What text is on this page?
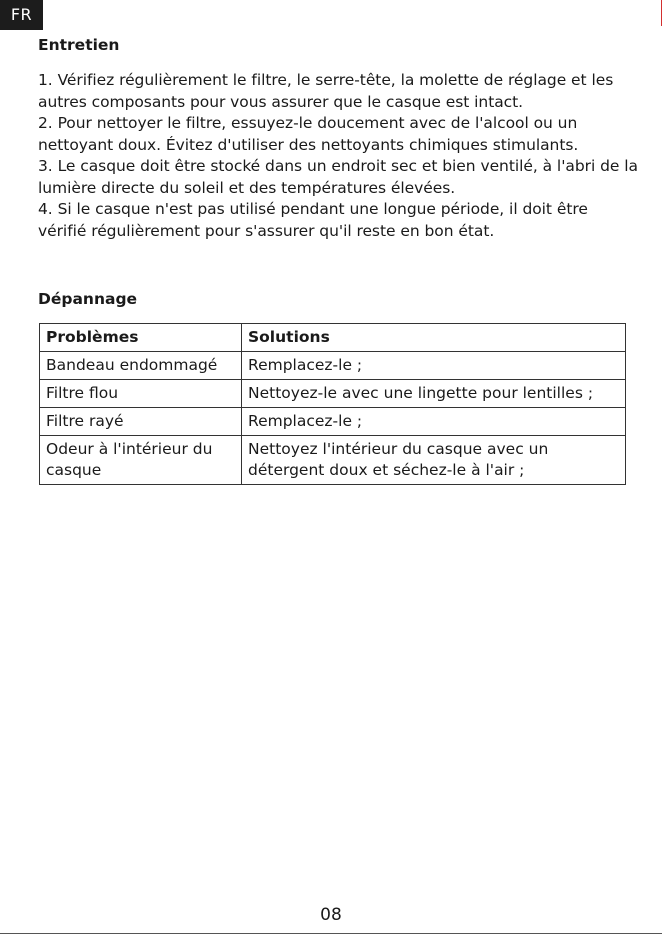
FR
Entretien

1. Vérifiez régulièrement le filtre, le serre-tête, la molette de réglage et les autres composants pour vous assurer que le casque est intact.

2. Pour nettoyer le filtre, essuyez-le doucement avec de l'alcool ou un nettoyant doux. Évitez d'utiliser des nettoyants chimiques stimulants.

3. Le casque doit être stocké dans un endroit sec et bien ventilé, à l'abri de la lumière directe du soleil et des températures élevées.

4. Si le casque n'est pas utilisé pendant une longue période, il doit être vérifié régulièrement pour s'assurer qu'il reste en bon état.

Dépannage
Problèmes	Solutions
Bandeau endommagé	Remplacez-le ;
Filtre flou	Nettoyez-le avec une lingette pour lentilles ;
Filtre rayé	Remplacez-le ;
Odeur à l'intérieur du casque	Nettoyez l'intérieur du casque avec un détergent doux et séchez-le à l'air ;
08
